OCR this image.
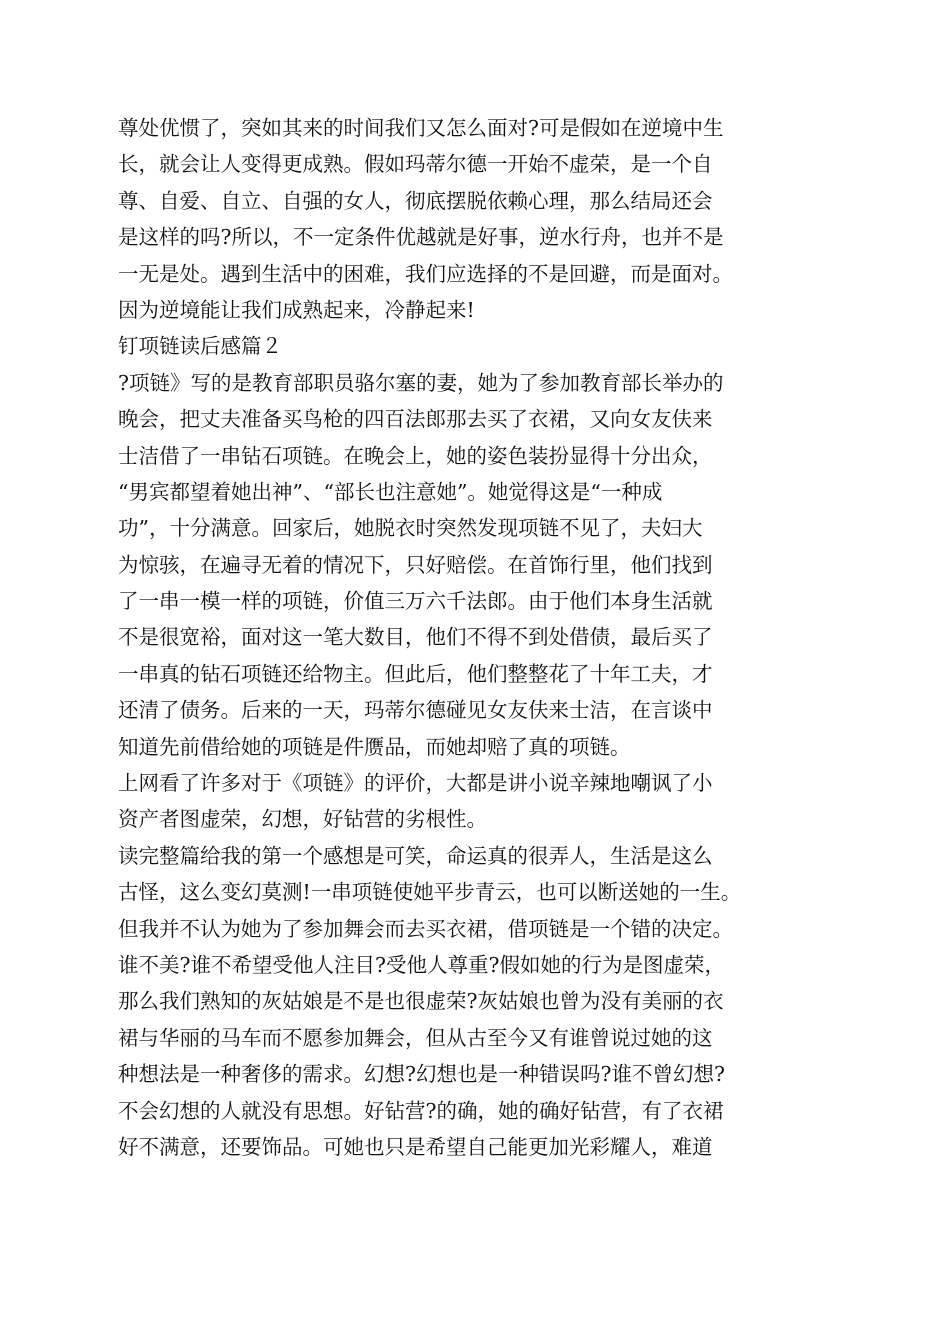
尊处优惯了，突如其来的时间我们又怎么面对?可是假如在逆境中生
长，就会让人变得更成熟。假如玛蒂尔德一开始不虚荣，是一个自
尊、自爱、自立、自强的女人，彻底摆脱依赖心理，那么结局还会
是这样的吗?所以，不一定条件优越就是好事，逆水行舟，也并不是
一无是处。遇到生活中的困难，我们应选择的不是回避，而是面对。
因为逆境能让我们成熟起来，冷静起来!
钉项链读后感篇２
?项链》写的是教育部职员骆尔塞的妻，她为了参加教育部长举办的
晚会，把丈夫准备买鸟枪的四百法郎那去买了衣裙，又向女友伕来
士洁借了一串钻石项链。在晚会上，她的姿色装扮显得十分出众，
“男宾都望着她出神”、“部长也注意她”。她觉得这是“一种成
功”，十分满意。回家后，她脱衣时突然发现项链不见了，夫妇大
为惊骇，在遍寻无着的情况下，只好赔偿。在首饰行里，他们找到
了一串一模一样的项链，价值三万六千法郎。由于他们本身生活就
不是很宽裕，面对这一笔大数目，他们不得不到处借债，最后买了
一串真的钻石项链还给物主。但此后，他们整整花了十年工夫，才
还清了债务。后来的一天，玛蒂尔德碰见女友伕来士洁，在言谈中
知道先前借给她的项链是件赝品，而她却赔了真的项链。
上网看了许多对于《项链》的评价，大都是讲小说辛辣地嘲讽了小
资产者图虚荣，幻想，好钻营的劣根性。
读完整篇给我的第一个感想是可笑，命运真的很弄人，生活是这么
古怪，这么变幻莫测!一串项链使她平步青云，也可以断送她的一生。
但我并不认为她为了参加舞会而去买衣裙，借项链是一个错的决定。
谁不美?谁不希望受他人注目?受他人尊重?假如她的行为是图虚荣，
那么我们熟知的灰姑娘是不是也很虚荣?灰姑娘也曾为没有美丽的衣
裙与华丽的马车而不愿参加舞会，但从古至今又有谁曾说过她的这
种想法是一种奢侈的需求。幻想?幻想也是一种错误吗?谁不曾幻想?
不会幻想的人就没有思想。好钻营?的确，她的确好钻营，有了衣裙
好不满意，还要饰品。可她也只是希望自己能更加光彩耀人，难道
